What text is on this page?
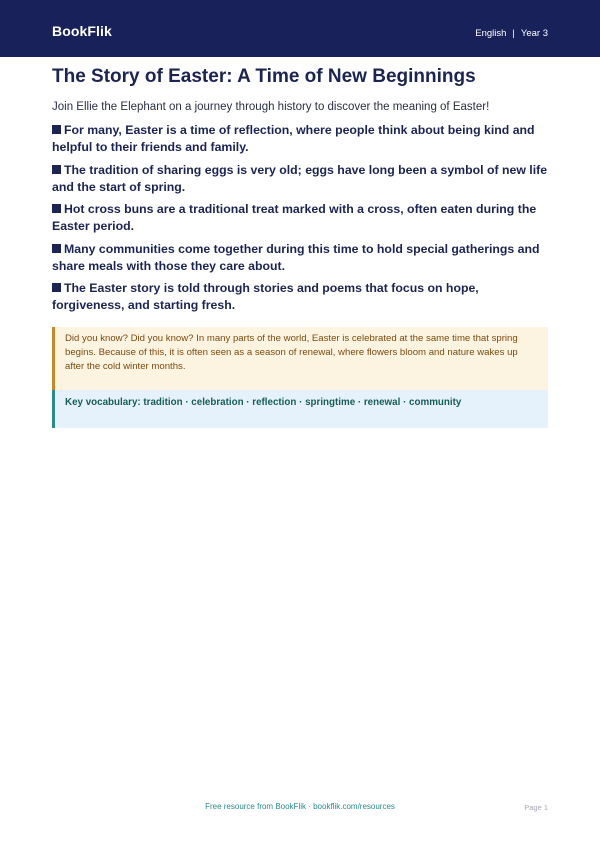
BookFlik	English | Year 3
The Story of Easter: A Time of New Beginnings

Join Ellie the Elephant on a journey through history to discover the meaning of Easter!

For many, Easter is a time of reflection, where people think about being kind and helpful to their friends and family.
The tradition of sharing eggs is very old; eggs have long been a symbol of new life and the start of spring.
Hot cross buns are a traditional treat marked with a cross, often eaten during the Easter period.
Many communities come together during this time to hold special gatherings and share meals with those they care about.
The Easter story is told through stories and poems that focus on hope, forgiveness, and starting fresh.
Did you know? Did you know? In many parts of the world, Easter is celebrated at the same time that spring begins. Because of this, it is often seen as a season of renewal, where flowers bloom and nature wakes up after the cold winter months.
Key vocabulary: tradition · celebration · reflection · springtime · renewal · community
Free resource from BookFlik · bookflik.com/resources	Page 1
